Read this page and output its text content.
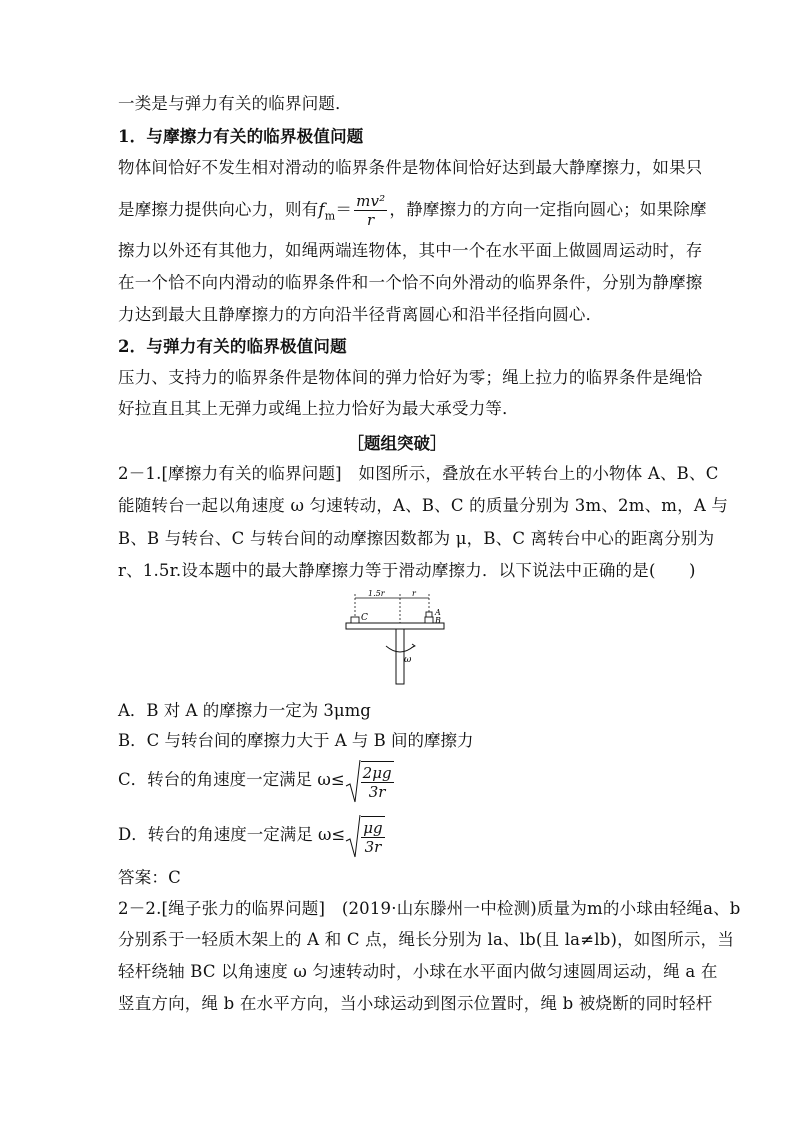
一类是与弹力有关的临界问题．
1．与摩擦力有关的临界极值问题
物体间恰好不发生相对滑动的临界条件是物体间恰好达到最大静摩擦力，如果只
是摩擦力提供向心力，则有$f_m= \frac{\text{mv²}}{r}$ ，静摩擦力的方向一定指向圆心；如果除摩
擦力以外还有其他力，如绳两端连物体，其中一个在水平面上做圆周运动时，存
在一个恰不向内滑动的临界条件和一个恰不向外滑动的临界条件，分别为静摩擦
力达到最大且静摩擦力的方向沿半径背离圆心和沿半径指向圆心．
2．与弹力有关的临界极值问题
压力、支持力的临界条件是物体间的弹力恰好为零；绳上拉力的临界条件是绳恰
好拉直且其上无弹力或绳上拉力恰好为最大承受力等．
［题组突破］
2－1.[摩擦力有关的临界问题]　如图所示，叠放在水平转台上的小物体 A、B、C
能随转台一起以角速度 ω 匀速转动，A、B、C 的质量分别为 3m、2m、m，A 与
B、B 与转台、C 与转台间的动摩擦因数都为 μ，B、C 离转台中心的距离分别为
r、1.5r.设本题中的最大静摩擦力等于滑动摩擦力．以下说法中正确的是(　　)
1.5r	r
C
A
B
ω
A．B 对 A 的摩擦力一定为 3μmg
B．C 与转台间的摩擦力大于 A 与 B 间的摩擦力
C．转台的角速度一定满足 $\omega\le \frac{2\mu g}{3r}$
D．转台的角速度一定满足 $\omega\le \frac{\mu g}{3r}$
答案：C
2－2.[绳子张力的临界问题]　(2019·山东滕州一中检测)质量为m的小球由轻绳a、b
分别系于一轻质木架上的 A 和 C 点，绳长分别为 la、lb(且 la≠lb)，如图所示，当
轻杆绕轴 BC 以角速度 ω 匀速转动时，小球在水平面内做匀速圆周运动，绳 a 在
竖直方向，绳 b 在水平方向，当小球运动到图示位置时，绳 b 被烧断的同时轻杆
